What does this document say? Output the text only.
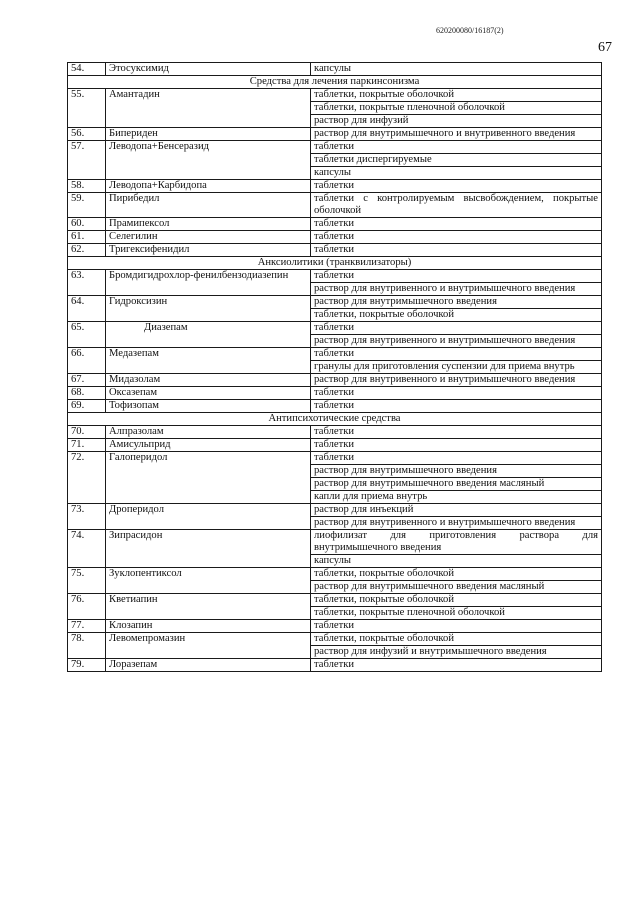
620200080/16187(2)
67
54.	Этосуксимид	капсулы
Средства для лечения паркинсонизма		
55.	Амантадин	таблетки, покрытые оболочкой
		таблетки, покрытые пленочной оболочкой
		раствор для инфузий
56.	Бипериден	раствор для внутримышечного и внутривенного введения
57.	Леводопа+Бенсеразид	таблетки
		таблетки диспергируемые
		капсулы
58.	Леводопа+Карбидопа	таблетки
59.	Пирибедил	таблетки с контролируемым высвобождением, покрытые оболочкой
60.	Прамипексол	таблетки
61.	Селегилин	таблетки
62.	Тригексифенидил	таблетки
Анксиолитики (транквилизаторы)		
63.	Бромдигидрохлор-фенилбензодиазепин	таблетки
		раствор для внутривенного и внутримышечного введения
64.	Гидроксизин	раствор для внутримышечного введения
		таблетки, покрытые оболочкой
65.	Диазепам	таблетки
		раствор для внутривенного и внутримышечного введения
66.	Медазепам	таблетки
		гранулы для приготовления суспензии для приема внутрь
67.	Мидазолам	раствор для внутривенного и внутримышечного введения
68.	Оксазепам	таблетки
69.	Тофизопам	таблетки
Антипсихотические средства		
70.	Алпразолам	таблетки
71.	Амисульприд	таблетки
72.	Галоперидол	таблетки
		раствор для внутримышечного введения
		раствор для внутримышечного введения масляный
		капли для приема внутрь
73.	Дроперидол	раствор для инъекций
		раствор для внутривенного и внутримышечного введения
74.	Зипрасидон	лиофилизат для приготовления раствора для внутримышечного введения
		капсулы
75.	Зуклопентиксол	таблетки, покрытые оболочкой
		раствор для внутримышечного введения масляный
76.	Кветиапин	таблетки, покрытые оболочкой
		таблетки, покрытые пленочной оболочкой
77.	Клозапин	таблетки
78.	Левомепромазин	таблетки, покрытые оболочкой
		раствор для инфузий и внутримышечного введения
79.	Лоразепам	таблетки
